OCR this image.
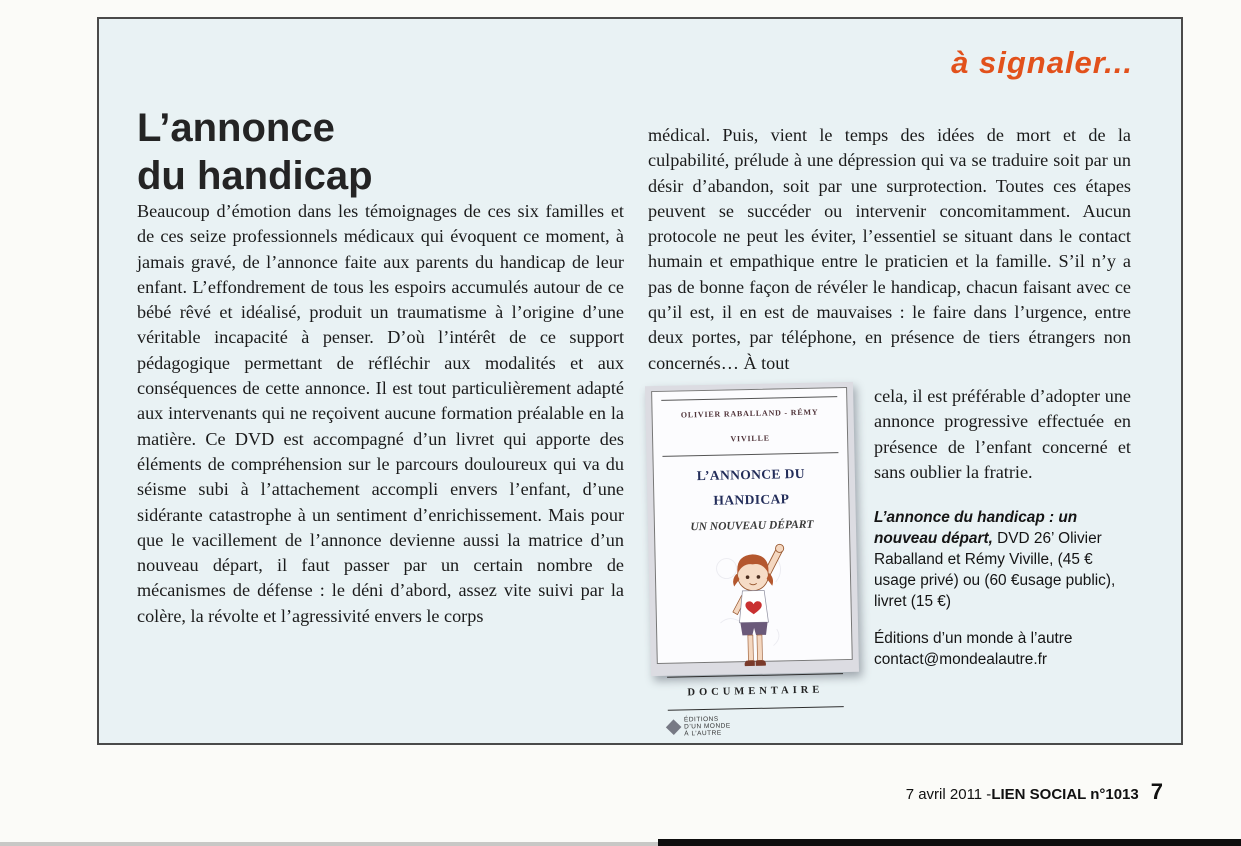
à signaler...
L’annonce
du handicap
Beaucoup d’émotion dans les témoignages de ces six familles et de ces seize professionnels médicaux qui évoquent ce moment, à jamais gravé, de l’annonce faite aux parents du handicap de leur enfant. L’effondrement de tous les espoirs accumulés autour de ce bébé rêvé et idéalisé, produit un traumatisme à l’origine d’une véritable incapacité à penser. D’où l’intérêt de ce support pédagogique permettant de réfléchir aux modalités et aux conséquences de cette annonce. Il est tout particulièrement adapté aux intervenants qui ne reçoivent aucune formation préalable en la matière. Ce DVD est accompagné d’un livret qui apporte des éléments de compréhension sur le parcours douloureux qui va du séisme subi à l’attachement accompli envers l’enfant, d’une sidérante catastrophe à un sentiment d’enrichissement. Mais pour que le vacillement de l’annonce devienne aussi la matrice d’un nouveau départ, il faut passer par un certain nombre de mécanismes de défense : le déni d’abord, assez vite suivi par la colère, la révolte et l’agressivité envers le corps
médical. Puis, vient le temps des idées de mort et de la culpabilité, prélude à une dépression qui va se traduire soit par un désir d’abandon, soit par une surprotection. Toutes ces étapes peuvent se succéder ou intervenir concomitamment. Aucun protocole ne peut les éviter, l’essentiel se situant dans le contact humain et empathique entre le praticien et la famille. S’il n’y a pas de bonne façon de révéler le handicap, chacun faisant avec ce qu’il est, il en est de mauvaises : le faire dans l’urgence, entre deux portes, par téléphone, en présence de tiers étrangers non concernés… À tout
OLIVIER RABALLAND - RÉMY VIVILLE
L’ANNONCE DU HANDICAP
UN NOUVEAU DÉPART
DOCUMENTAIRE
ÉDITIONS
D’UN MONDE
À L’AUTRE
cela, il est préférable d’adopter une annonce progressive effectuée en présence de l’enfant concerné et sans oublier la fratrie.

L’annonce du handicap : un nouveau départ, DVD 26’ Olivier Raballand et Rémy Viville, (45 € usage privé) ou (60 €usage public), livret (15 €)

Éditions d’un monde à l’autre
contact@mondealautre.fr
7 avril 2011 - LIEN SOCIAL n°1013 7
